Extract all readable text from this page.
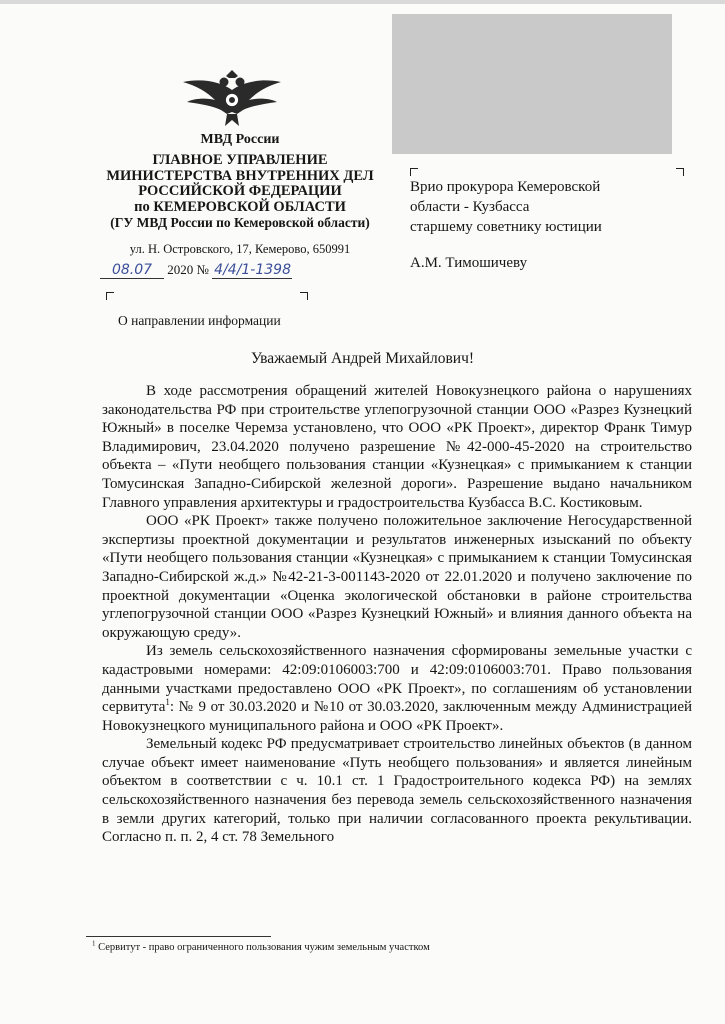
МВД России
ГЛАВНОЕ УПРАВЛЕНИЕ
МИНИСТЕРСТВА ВНУТРЕННИХ ДЕЛ
РОССИЙСКОЙ ФЕДЕРАЦИИ
по КЕМЕРОВСКОЙ ОБЛАСТИ
(ГУ МВД России по Кемеровской области)
ул. Н. Островского, 17, Кемерово, 650991
08.07 2020 № 4/4/1-1398
О направлении информации
Врио прокурора Кемеровской
области - Кузбасса
старшему советнику юстиции
А.М. Тимошичеву
Уважаемый Андрей Михайлович!

В ходе рассмотрения обращений жителей Новокузнецкого района о нарушениях законодательства РФ при строительстве углепогрузочной станции ООО «Разрез Кузнецкий Южный» в поселке Черемза установлено, что ООО «РК Проект», директор Франк Тимур Владимирович, 23.04.2020 получено разрешение №42-000-45-2020 на строительство объекта – «Пути необщего пользования станции «Кузнецкая» с примыканием к станции Томусинская Западно-Сибирской железной дороги». Разрешение выдано начальником Главного управления архитектуры и градостроительства Кузбасса В.С. Костиковым.

ООО «РК Проект» также получено положительное заключение Негосударственной экспертизы проектной документации и результатов инженерных изысканий по объекту «Пути необщего пользования станции «Кузнецкая» с примыканием к станции Томусинская Западно-Сибирской ж.д.» №42-21-3-001143-2020 от 22.01.2020 и получено заключение по проектной документации «Оценка экологической обстановки в районе строительства углепогрузочной станции ООО «Разрез Кузнецкий Южный» и влияния данного объекта на окружающую среду».

Из земель сельскохозяйственного назначения сформированы земельные участки с кадастровыми номерами: 42:09:0106003:700 и 42:09:0106003:701. Право пользования данными участками предоставлено ООО «РК Проект», по соглашениям об установлении сервитута$^1$: № 9 от 30.03.2020 и №10 от 30.03.2020, заключенным между Администрацией Новокузнецкого муниципального района и ООО «РК Проект».

Земельный кодекс РФ предусматривает строительство линейных объектов (в данном случае объект имеет наименование «Путь необщего пользования» и является линейным объектом в соответствии с ч. 10.1 ст. 1 Градостроительного кодекса РФ) на землях сельскохозяйственного назначения без перевода земель сельскохозяйственного назначения в земли других категорий, только при наличии согласованного проекта рекультивации. Согласно п. п. 2, 4 ст. 78 Земельного

$^1$ Сервитут - право ограниченного пользования чужим земельным участком
